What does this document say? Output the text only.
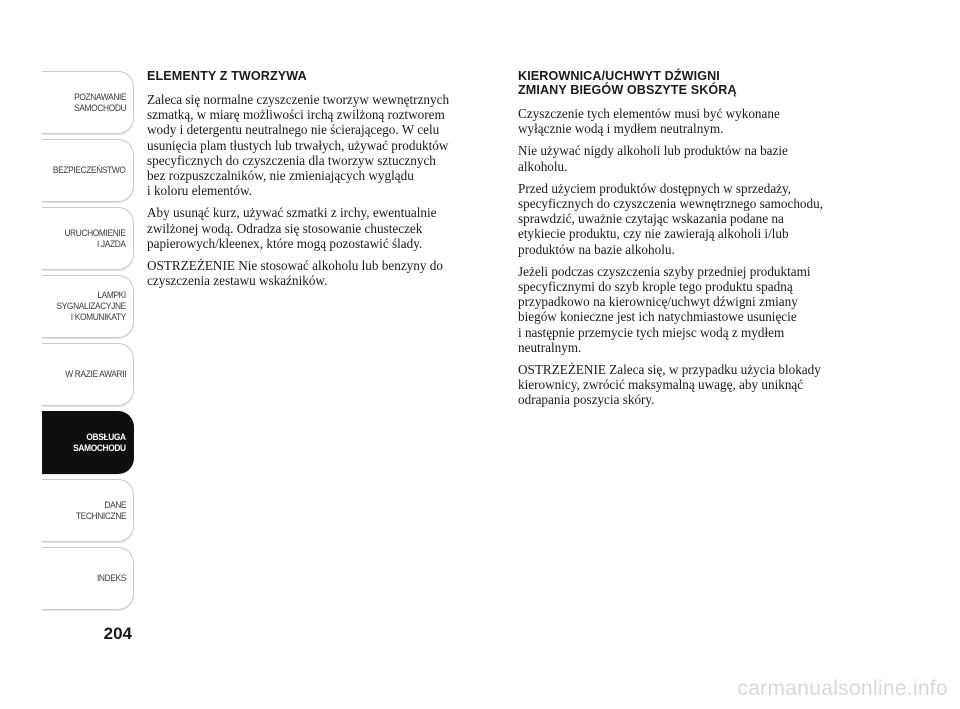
POZNAWANIE
SAMOCHODU
BEZPIECZEŃSTWO
URUCHOMIENIE
I JAZDA
LAMPKI
SYGNALIZACYJNE
I KOMUNIKATY
W RAZIE AWARII
OBSŁUGA
SAMOCHODU
DANE
TECHNICZNE
INDEKS
204
ELEMENTY Z TWORZYWA

Zaleca się normalne czyszczenie tworzyw wewnętrznych
szmatką, w miarę możliwości irchą zwilżoną roztworem
wody i detergentu neutralnego nie ścierającego. W celu
usunięcia plam tłustych lub trwałych, używać produktów
specyficznych do czyszczenia dla tworzyw sztucznych
bez rozpuszczalników, nie zmieniających wyglądu
i koloru elementów.

Aby usunąć kurz, używać szmatki z irchy, ewentualnie
zwilżonej wodą. Odradza się stosowanie chusteczek
papierowych/kleenex, które mogą pozostawić ślady.

OSTRZEŻENIE Nie stosować alkoholu lub benzyny do
czyszczenia zestawu wskaźników.

KIEROWNICA/UCHWYT DŹWIGNI
ZMIANY BIEGÓW OBSZYTE SKÓRĄ

Czyszczenie tych elementów musi być wykonane
wyłącznie wodą i mydłem neutralnym.

Nie używać nigdy alkoholi lub produktów na bazie
alkoholu.

Przed użyciem produktów dostępnych w sprzedaży,
specyficznych do czyszczenia wewnętrznego samochodu,
sprawdzić, uważnie czytając wskazania podane na
etykiecie produktu, czy nie zawierają alkoholi i/lub
produktów na bazie alkoholu.

Jeżeli podczas czyszczenia szyby przedniej produktami
specyficznymi do szyb krople tego produktu spadną
przypadkowo na kierownicę/uchwyt dźwigni zmiany
biegów konieczne jest ich natychmiastowe usunięcie
i następnie przemycie tych miejsc wodą z mydłem
neutralnym.

OSTRZEŻENIE Zaleca się, w przypadku użycia blokady
kierownicy, zwrócić maksymalną uwagę, aby uniknąć
odrapania poszycia skóry.

carmanualsonline.info
